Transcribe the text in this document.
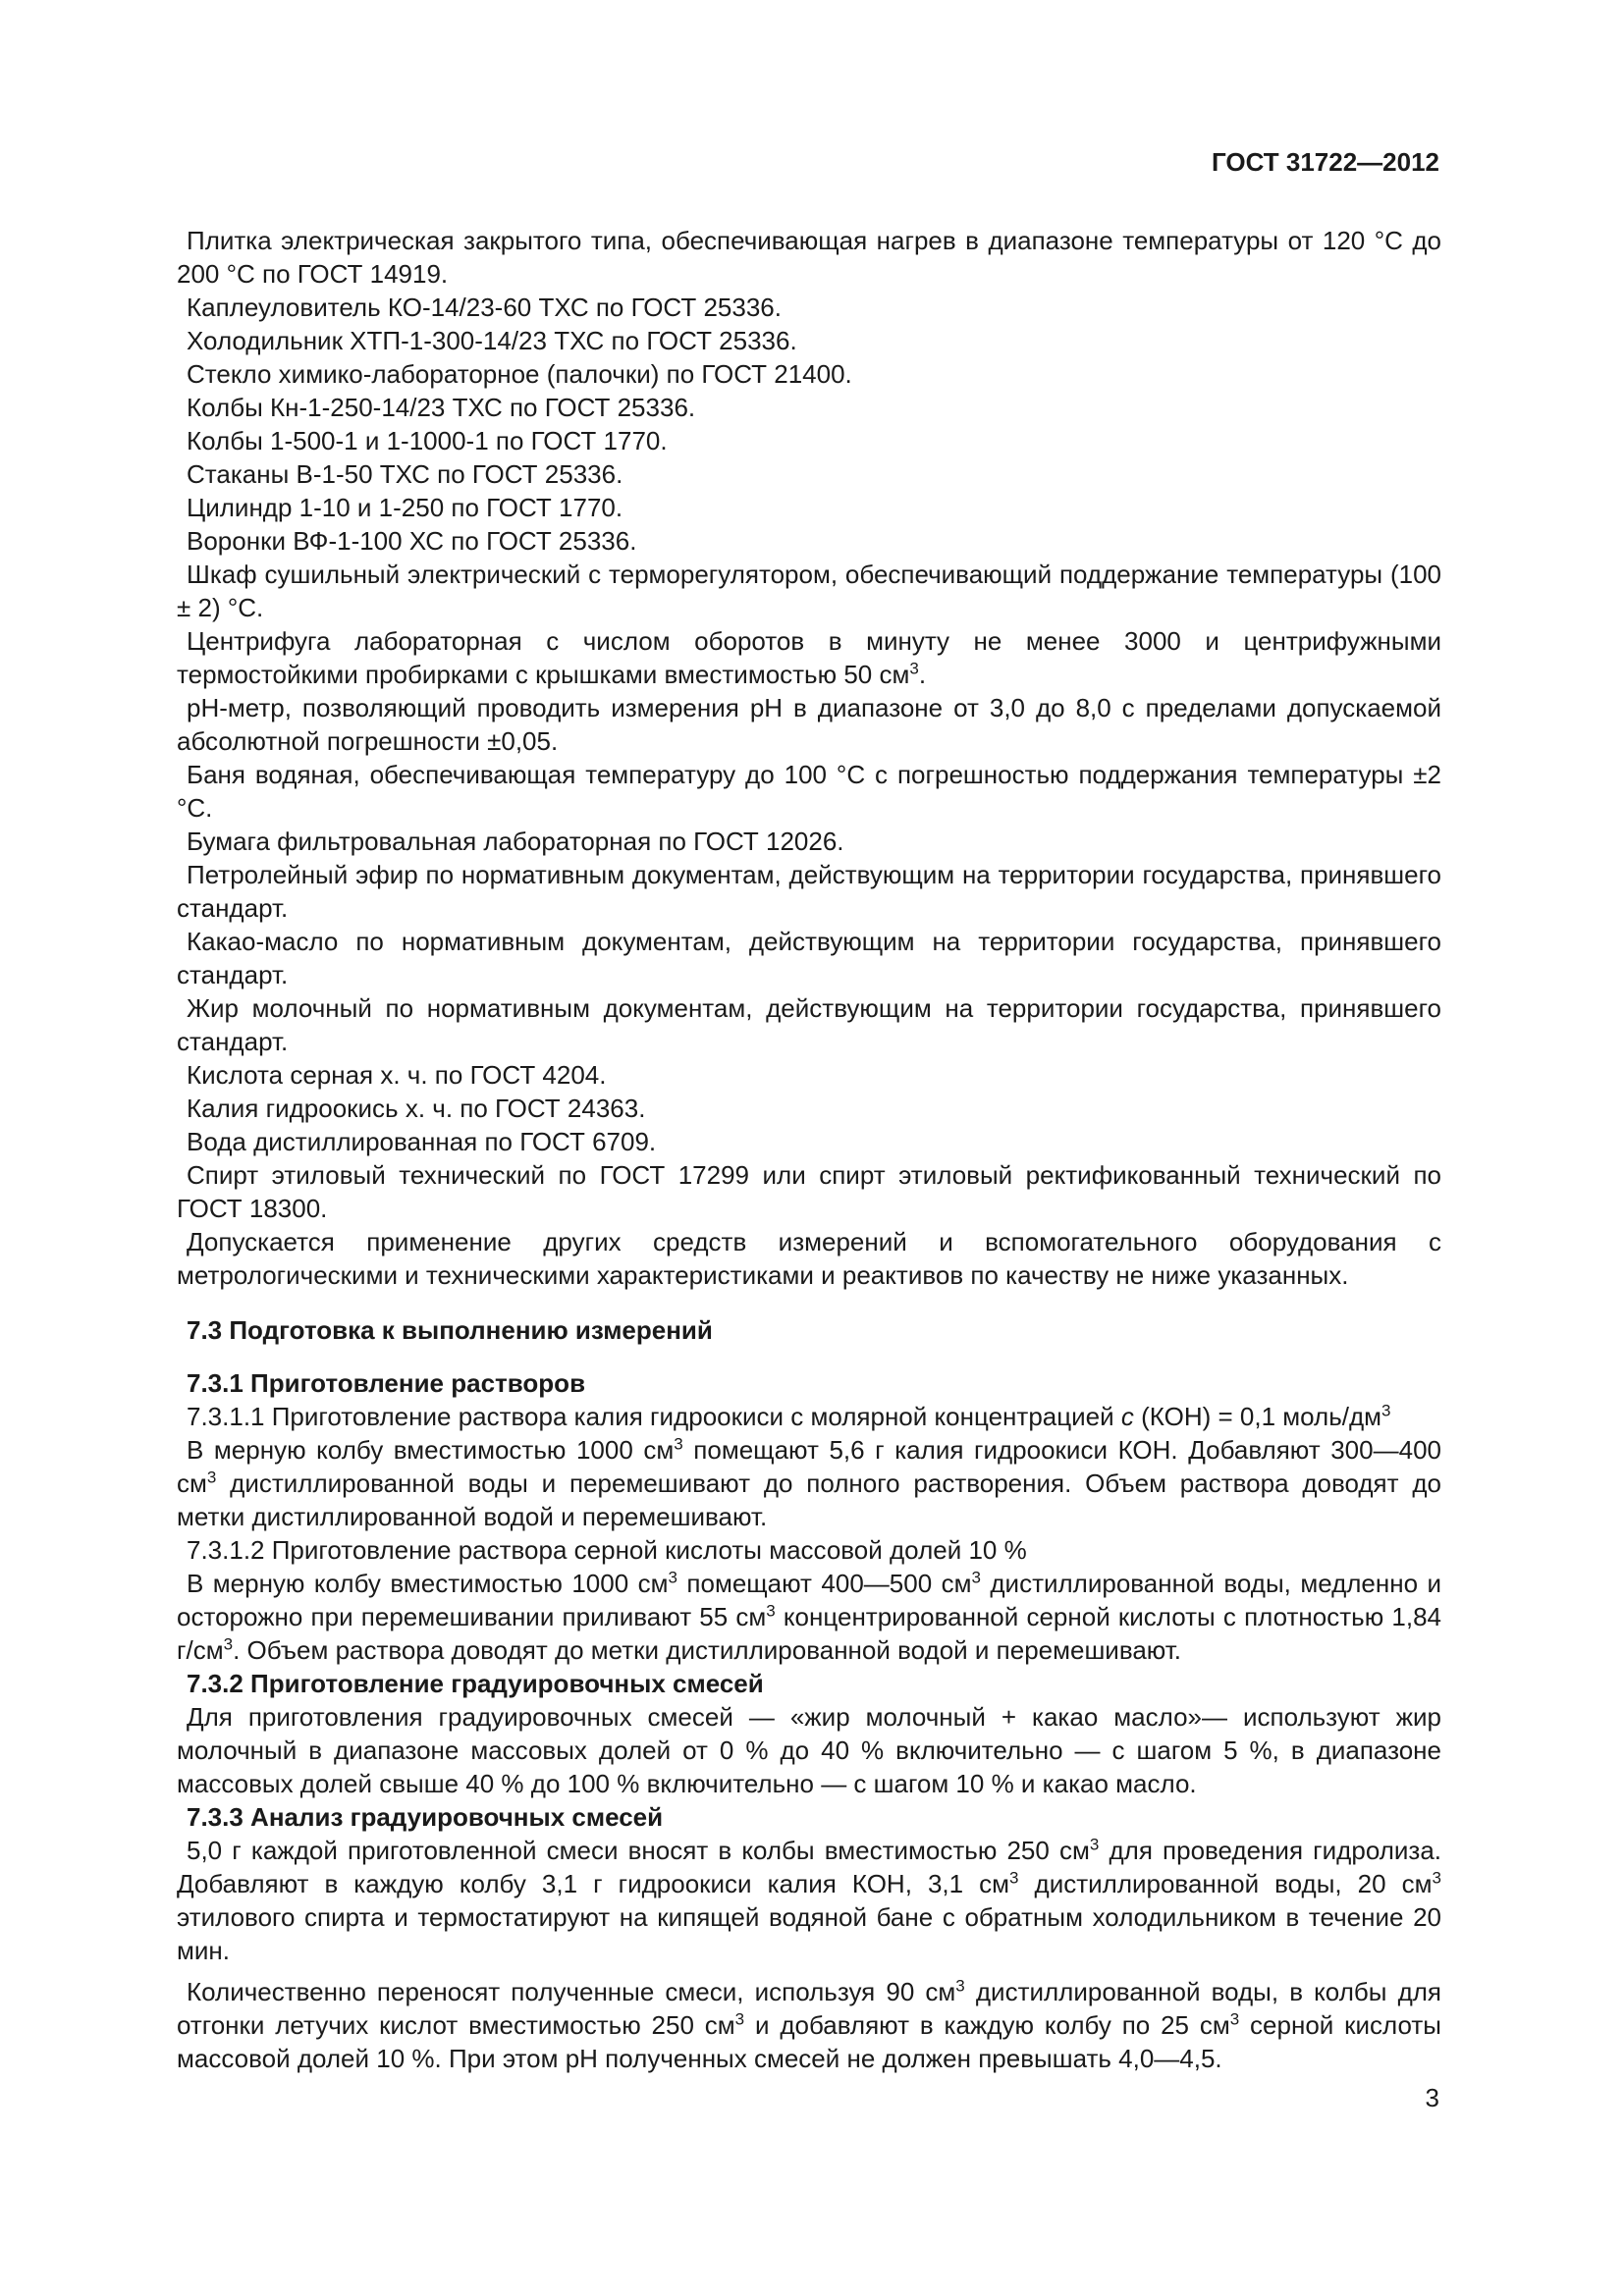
ГОСТ 31722—2012

Плитка электрическая закрытого типа, обеспечивающая нагрев в диапазоне температуры от 120 °С до 200 °С по ГОСТ 14919.

Каплеуловитель КО-14/23-60 ТХС по ГОСТ 25336.

Холодильник ХТП-1-300-14/23 ТХС по ГОСТ 25336.

Стекло химико-лабораторное (палочки) по ГОСТ 21400.

Колбы Кн-1-250-14/23 ТХС по ГОСТ 25336.

Колбы 1-500-1 и 1-1000-1 по ГОСТ 1770.

Стаканы В-1-50 ТХС по ГОСТ 25336.

Цилиндр 1-10 и 1-250 по ГОСТ 1770.

Воронки ВФ-1-100 ХС по ГОСТ 25336.

Шкаф сушильный электрический с терморегулятором, обеспечивающий поддержание температуры (100 ± 2) °С.

Центрифуга лабораторная с числом оборотов в минуту не менее 3000 и центрифужными термостойкими пробирками с крышками вместимостью 50 $см^3$.

рН-метр, позволяющий проводить измерения рН в диапазоне от 3,0 до 8,0 с пределами допускаемой абсолютной погрешности ±0,05.

Баня водяная, обеспечивающая температуру до 100 °С с погрешностью поддержания температуры ±2 °С.

Бумага фильтровальная лабораторная по ГОСТ 12026.

Петролейный эфир по нормативным документам, действующим на территории государства, принявшего стандарт.

Какао-масло по нормативным документам, действующим на территории государства, принявшего стандарт.

Жир молочный по нормативным документам, действующим на территории государства, принявшего стандарт.

Кислота серная х. ч. по ГОСТ 4204.

Калия гидроокись х. ч. по ГОСТ 24363.

Вода дистиллированная по ГОСТ 6709.

Спирт этиловый технический по ГОСТ 17299 или спирт этиловый ректификованный технический по ГОСТ 18300.

Допускается применение других средств измерений и вспомогательного оборудования с метрологическими и техническими характеристиками и реактивов по качеству не ниже указанных.

7.3 Подготовка к выполнению измерений

7.3.1 Приготовление растворов

7.3.1.1 Приготовление раствора калия гидроокиси с молярной концентрацией с (КОН) = 0,1 моль/$дм^3$

В мерную колбу вместимостью 1000 $см^3$ помещают 5,6 г калия гидроокиси КОН. Добавляют 300—400 $см^3$ дистиллированной воды и перемешивают до полного растворения. Объем раствора доводят до метки дистиллированной водой и перемешивают.

7.3.1.2 Приготовление раствора серной кислоты массовой долей 10 %

В мерную колбу вместимостью 1000 $см^3$ помещают 400—500 $см^3$ дистиллированной воды, медленно и осторожно при перемешивании приливают 55 $см^3$ концентрированной серной кислоты с плотностью 1,84 $г/см^3$. Объем раствора доводят до метки дистиллированной водой и перемешивают.

7.3.2 Приготовление градуировочных смесей

Для приготовления градуировочных смесей — «жир молочный + какао масло»— используют жир молочный в диапазоне массовых долей от 0 % до 40 % включительно — с шагом 5 %, в диапазоне массовых долей свыше 40 % до 100 % включительно — с шагом 10 % и какао масло.

7.3.3 Анализ градуировочных смесей

5,0 г каждой приготовленной смеси вносят в колбы вместимостью 250 $см^3$ для проведения гидролиза. Добавляют в каждую колбу 3,1 г гидроокиси калия КОН, 3,1 $см^3$ дистиллированной воды, 20 $см^3$ этилового спирта и термостатируют на кипящей водяной бане с обратным холодильником в течение 20 мин.

Количественно переносят полученные смеси, используя 90 $см^3$ дистиллированной воды, в колбы для отгонки летучих кислот вместимостью 250 $см^3$ и добавляют в каждую колбу по 25 $см^3$ серной кислоты массовой долей 10 %. При этом рН полученных смесей не должен превышать 4,0—4,5.

3
